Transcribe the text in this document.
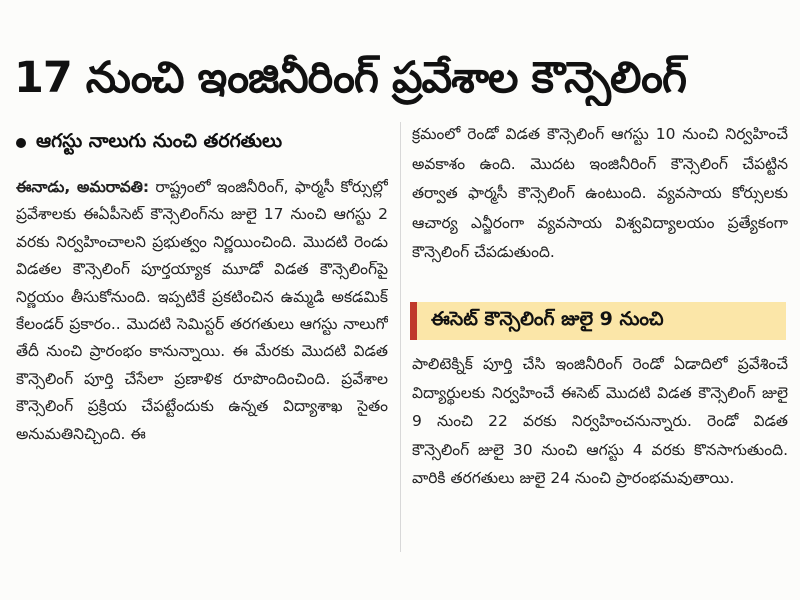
17 నుంచి ఇంజినీరింగ్ ప్రవేశాల కౌన్సెలింగ్
ఆగస్టు నాలుగు నుంచి తరగతులు
ఈనాడు, అమరావతి: రాష్ట్రంలో ఇంజినీరింగ్, ఫార్మసీ కోర్సుల్లో ప్రవేశాలకు ఈఏపీసెట్ కౌన్సెలింగ్‌ను జులై 17 నుంచి ఆగస్టు 2 వరకు నిర్వహించాలని ప్రభుత్వం నిర్ణయించింది. మొదటి రెండు విడతల కౌన్సెలింగ్ పూర్తయ్యాక మూడో విడత కౌన్సెలింగ్‌పై నిర్ణయం తీసుకోనుంది. ఇప్పటికే ప్రకటించిన ఉమ్మడి అకడమిక్ కేలండర్ ప్రకారం.. మొదటి సెమిస్టర్ తరగతులు ఆగస్టు నాలుగో తేదీ నుంచి ప్రారంభం కానున్నాయి. ఈ మేరకు మొదటి విడత కౌన్సెలింగ్ పూర్తి చేసేలా ప్రణాళిక రూపొందించింది. ప్రవేశాల కౌన్సెలింగ్ ప్రక్రియ చేపట్టేందుకు ఉన్నత విద్యాశాఖ సైతం అనుమతినిచ్చింది. ఈ
క్రమంలో రెండో విడత కౌన్సెలింగ్ ఆగస్టు 10 నుంచి నిర్వహించే అవకాశం ఉంది. మొదట ఇంజినీరింగ్ కౌన్సెలింగ్ చేపట్టిన తర్వాత ఫార్మసీ కౌన్సెలింగ్ ఉంటుంది. వ్యవసాయ కోర్సులకు ఆచార్య ఎన్జీరంగా వ్యవసాయ విశ్వవిద్యాలయం ప్రత్యేకంగా కౌన్సెలింగ్ చేపడుతుంది.
ఈసెట్ కౌన్సెలింగ్ జులై 9 నుంచి
పాలిటెక్నిక్ పూర్తి చేసి ఇంజినీరింగ్ రెండో ఏడాదిలో ప్రవేశించే విద్యార్థులకు నిర్వహించే ఈసెట్ మొదటి విడత కౌన్సెలింగ్ జులై 9 నుంచి 22 వరకు నిర్వహించనున్నారు. రెండో విడత కౌన్సెలింగ్ జులై 30 నుంచి ఆగస్టు 4 వరకు కొనసాగుతుంది. వారికి తరగతులు జులై 24 నుంచి ప్రారంభమవుతాయి.
